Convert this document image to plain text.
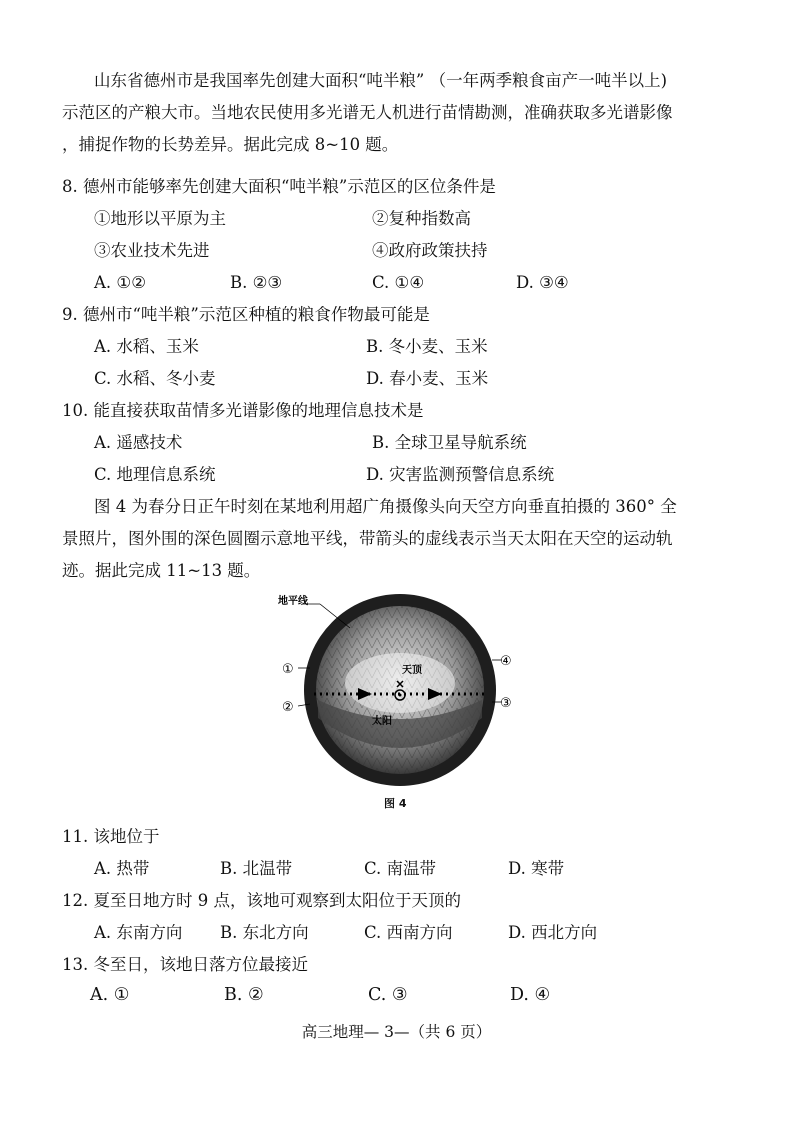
山东省德州市是我国率先创建大面积“吨半粮” （一年两季粮食亩产一吨半以上)
示范区的产粮大市。当地农民使用多光谱无人机进行苗情勘测，准确获取多光谱影像
，捕捉作物的长势差异。据此完成 8~10 题。
8. 德州市能够率先创建大面积“吨半粮”示范区的区位条件是
①地形以平原为主	②复种指数高
③农业技术先进	④政府政策扶持
A. ①②	B. ②③	C. ①④	D. ③④
9. 德州市“吨半粮”示范区种植的粮食作物最可能是
A. 水稻、玉米	B. 冬小麦、玉米
C. 水稻、冬小麦	D. 春小麦、玉米
10. 能直接获取苗情多光谱影像的地理信息技术是
A. 遥感技术	B. 全球卫星导航系统
C. 地理信息系统	D. 灾害监测预警信息系统
图 4 为春分日正午时刻在某地利用超广角摄像头向天空方向垂直拍摄的 360° 全
景照片，图外围的深色圆圈示意地平线，带箭头的虚线表示当天太阳在天空的运动轨
迹。据此完成 11~13 题。
地平线
天顶
太阳
①
②	③
④
图 4
11. 该地位于
A. 热带	B. 北温带	C. 南温带	D. 寒带
12. 夏至日地方时 9 点，该地可观察到太阳位于天顶的
A. 东南方向 B. 东北方向	C. 西南方向	D. 西北方向
13. 冬至日，该地日落方位最接近
A. ①	B. ②	C. ③	D. ④
高三地理— 3—（共 6 页）
